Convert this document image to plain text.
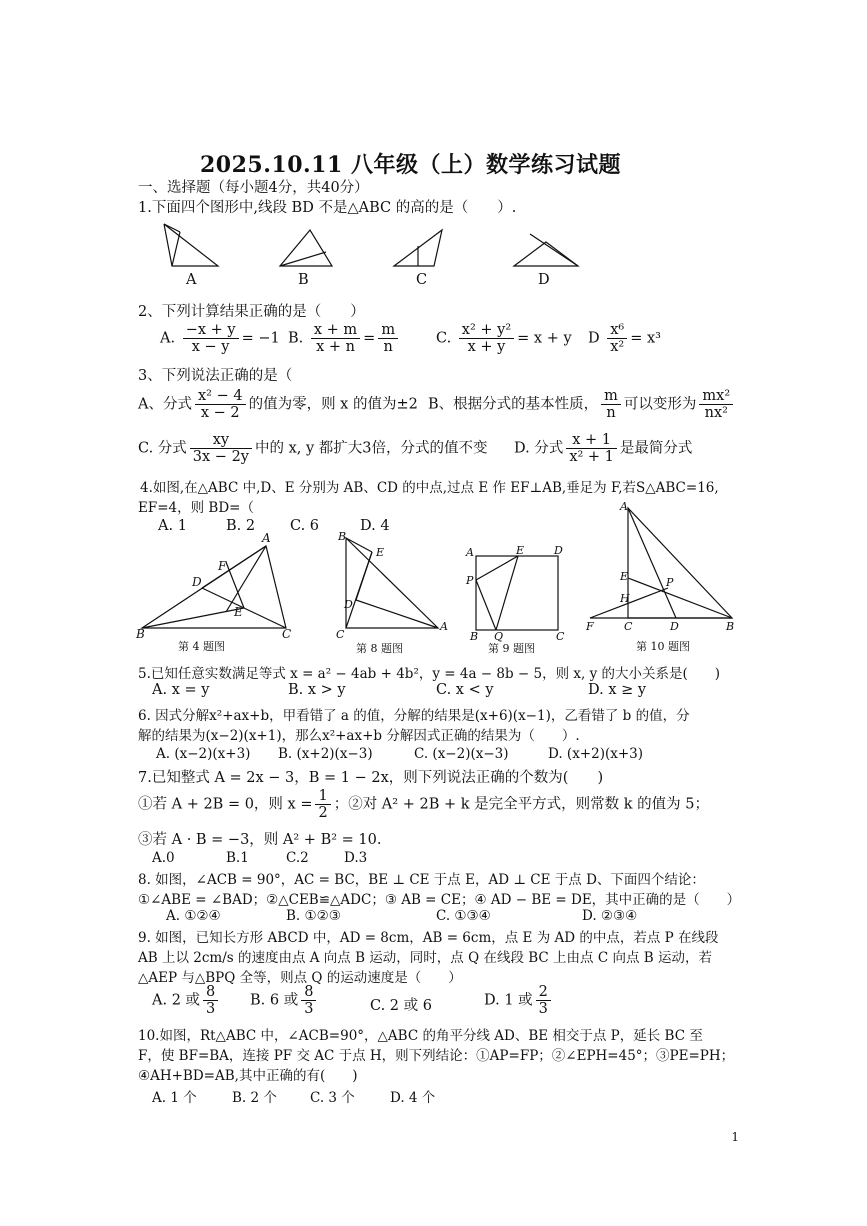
2025.10.11 八年级（上）数学练习试题
一、选择题（每小题4分，共40分）
1.下面四个图形中,线段 BD 不是△ABC 的高的是（　　）.
A	B	C	D
2、下列计算结果正确的是（　　）
A. $\frac{-x + y}{x - y} = -1$ B. $\frac{x + m}{x + n} = \frac{m}{n}$	C. $\frac{\text{x² + y²}}{x + y} = x + y$ D $\frac{\text{x⁶}}{\text{x²}} = x^3$
3、下列说法正确的是（
A、分式 $\frac{\text{x² − 4}}{x - 2}$ 的值为零，则 x 的值为±2 B、根据分式的基本性质， $\frac{m}{n}$ 可以变形为 $\frac{\text{mx²}}{\text{nx²}}$
C. 分式 $\frac{xy}{3x - 2y}$ 中的 x, y 都扩大3倍，分式的值不变 D. 分式 $\frac{x + 1}{\text{x² + 1}}$ 是最简分式
4.如图,在△ABC 中,D、E 分别为 AB、CD 的中点,过点 E 作 EF⊥AB,垂足为 F,若S△ABC=16,
EF=4，则 BD=（
A. 1	B. 2 C. 6	D. 4
B
A
C
D
F
E
第 4 题图
B
E
D
C
A
第 8 题图
A	E	D
P
B Q	C
第 9 题图
A
E
H
P
F	C	D	B
第 10 题图
5.已知任意实数满足等式 x = a² − 4ab + 4b²，y = 4a − 8b − 5，则 x, y 的大小关系是(　　)
A. x = y	B. x > y	C. x < y	D. x ≥ y
6. 因式分解x²+ax+b，甲看错了 a 的值，分解的结果是(x+6)(x−1)，乙看错了 b 的值，分
解的结果为(x−2)(x+1)，那么x²+ax+b 分解因式正确的结果为（　　）.
A. (x−2)(x+3) B. (x+2)(x−3)	C. (x−2)(x−3)	D. (x+2)(x+3)
7.已知整式 A = 2x − 3，B = 1 − 2x，则下列说法正确的个数为(　　)
①若 A + 2B = 0，则 $x = \frac{1}{2}$ ；②对 A² + 2B + k 是完全平方式，则常数 k 的值为 5；
③若 A · B = −3，则 A² + B² = 10.
A.0	B.1	C.2	D.3
8. 如图，∠ACB = 90°，AC = BC，BE ⊥ CE 于点 E，AD ⊥ CE 于点 D、下面四个结论：
①∠ABE = ∠BAD；②△CEB≌△ADC；③ AB = CE；④ AD − BE = DE，其中正确的是（　　）
A. ①②④	B. ①②③	C. ①③④	D. ②③④
9. 如图，已知长方形 ABCD 中，AD = 8cm，AB = 6cm，点 E 为 AD 的中点，若点 P 在线段
AB 上以 2cm/s 的速度由点 A 向点 B 运动，同时，点 Q 在线段 BC 上由点 C 向点 B 运动，若
△AEP 与△BPQ 全等，则点 Q 的运动速度是（　　）
A. 2 或 $\frac{8}{3} B$. 6 或 $\frac{8}{3}$	C. 2 或 6	D. 1 或 $\frac{2}{3}$
10.如图，Rt△ABC 中，∠ACB=90°，△ABC 的角平分线 AD、BE 相交于点 P，延长 BC 至
F，使 BF=BA，连接 PF 交 AC 于点 H，则下列结论：①AP=FP；②∠EPH=45°；③PE=PH；
④AH+BD=AB,其中正确的有(　　)
A. 1 个	B. 2 个 C. 3 个	D. 4 个
1
